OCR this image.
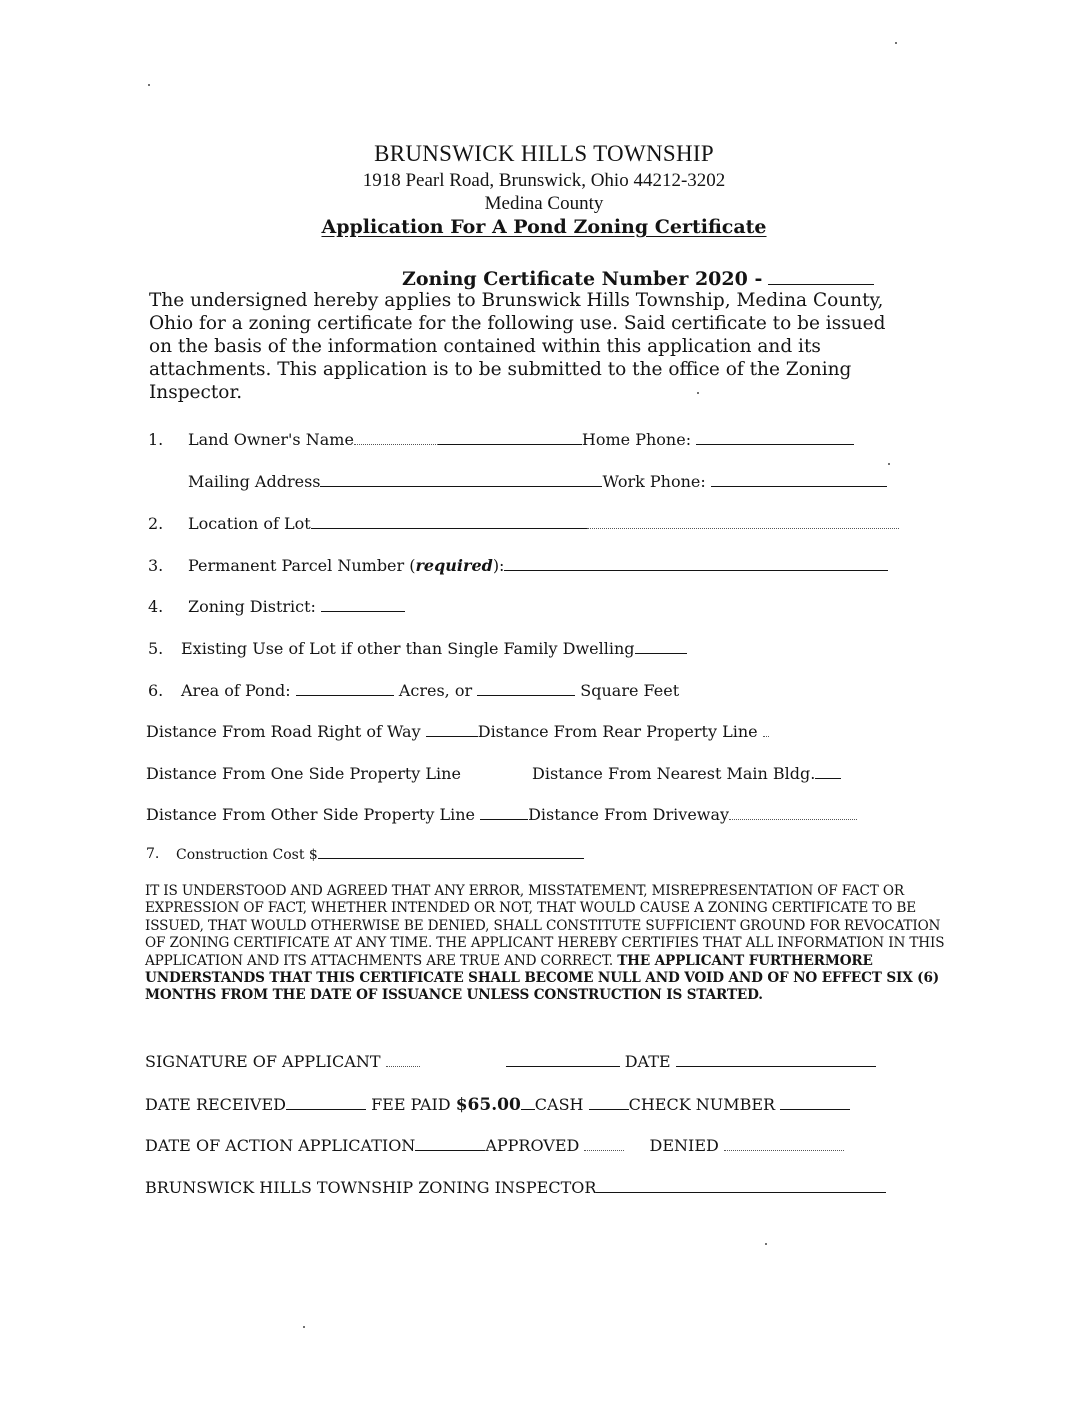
BRUNSWICK HILLS TOWNSHIP
1918 Pearl Road, Brunswick, Ohio 44212-3202
Medina County
Application For A Pond Zoning Certificate
Zoning Certificate Number 2020 -
The undersigned hereby applies to Brunswick Hills Township, Medina County, Ohio for a zoning certificate for the following use. Said certificate to be issued on the basis of the information contained within this application and its attachments. This application is to be submitted to the office of the Zoning Inspector.
1. Land Owner's Name	Home Phone:
Mailing Address	Work Phone:
2. Location of Lot
3. Permanent Parcel Number (required):
4. Zoning District:
5. Existing Use of Lot if other than Single Family Dwelling
6. Area of Pond:	Acres, or	Square Feet
Distance From Road Right of Way	Distance From Rear Property Line
Distance From One Side Property Line	Distance From Nearest Main Bldg.
Distance From Other Side Property Line	Distance From Driveway
7. Construction Cost $
IT IS UNDERSTOOD AND AGREED THAT ANY ERROR, MISSTATEMENT, MISREPRESENTATION OF FACT OR EXPRESSION OF FACT, WHETHER INTENDED OR NOT, THAT WOULD CAUSE A ZONING CERTIFICATE TO BE ISSUED, THAT WOULD OTHERWISE BE DENIED, SHALL CONSTITUTE SUFFICIENT GROUND FOR REVOCATION OF ZONING CERTIFICATE AT ANY TIME. THE APPLICANT HEREBY CERTIFIES THAT ALL INFORMATION IN THIS APPLICATION AND ITS ATTACHMENTS ARE TRUE AND CORRECT. THE APPLICANT FURTHERMORE UNDERSTANDS THAT THIS CERTIFICATE SHALL BECOME NULL AND VOID AND OF NO EFFECT SIX (6) MONTHS FROM THE DATE OF ISSUANCE UNLESS CONSTRUCTION IS STARTED.
SIGNATURE OF APPLICANT	DATE
DATE RECEIVED	FEE PAID $65.00 CASH	CHECK NUMBER
DATE OF ACTION APPLICATION	APPROVED	DENIED
BRUNSWICK HILLS TOWNSHIP ZONING INSPECTOR
